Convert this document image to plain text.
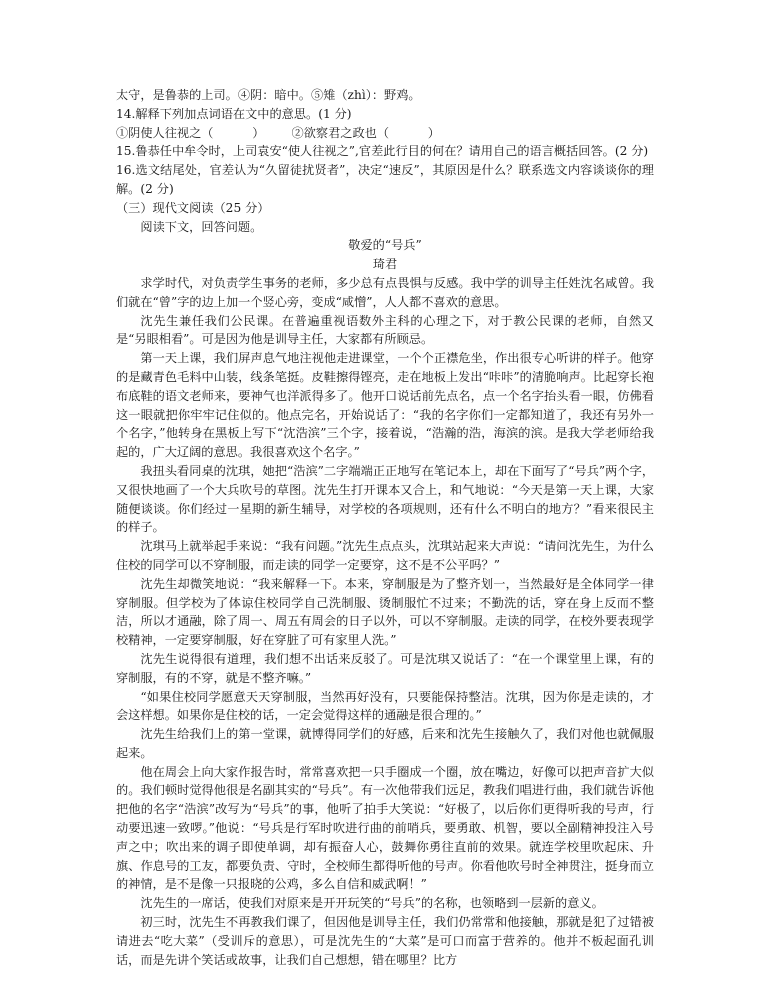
太守，是鲁恭的上司。④阴：暗中。⑤雉（zhì）：野鸡。

14.解释下列加点词语在文中的意思。(1 分)

①阴使人往视之（          ）       ②欲察君之政也（          ）

15.鲁恭任中牟令时，上司袁安“使人往视之”,官差此行目的何在？请用自己的语言概括回答。(2 分)

16.选文结尾处，官差认为“久留徒扰贤者”，决定“速反”，其原因是什么？联系选文内容谈谈你的理解。(2 分)

（三）现代文阅读（25 分）

阅读下文，回答问题。

敬爱的“号兵”

琦君

求学时代，对负责学生事务的老师，多少总有点畏惧与反感。我中学的训导主任姓沈名咸曾。我们就在“曾”字的边上加一个竖心旁，变成“咸憎”，人人都不喜欢的意思。

沈先生兼任我们公民课。在普遍重视语数外主科的心理之下，对于教公民课的老师，自然又是“另眼相看”。可是因为他是训导主任，大家都有所顾忌。

第一天上课，我们屏声息气地注视他走进课堂，一个个正襟危坐，作出很专心听讲的样子。他穿的是藏青色毛料中山装，线条笔挺。皮鞋擦得铿亮，走在地板上发出“咔咔”的清脆响声。比起穿长袍布底鞋的语文老师来，要神气也洋派得多了。他开口说话前先点名，点一个名字抬头看一眼，仿佛看这一眼就把你牢牢记住似的。他点完名，开始说话了：“我的名字你们一定都知道了，我还有另外一个名字，”他转身在黑板上写下“沈浩滨”三个字，接着说，“浩瀚的浩，海滨的滨。是我大学老师给我起的，广大辽阔的意思。我很喜欢这个名字。”

我扭头看同桌的沈琪，她把“浩滨”二字端端正正地写在笔记本上，却在下面写了“号兵”两个字，又很快地画了一个大兵吹号的草图。沈先生打开课本又合上，和气地说：“今天是第一天上课，大家随便谈谈。你们经过一星期的新生辅导，对学校的各项规则，还有什么不明白的地方？”看来很民主的样子。

沈琪马上就举起手来说：“我有问题。”沈先生点点头，沈琪站起来大声说：“请问沈先生，为什么住校的同学可以不穿制服，而走读的同学一定要穿，这不是不公平吗？”

沈先生却微笑地说：“我来解释一下。本来，穿制服是为了整齐划一，当然最好是全体同学一律穿制服。但学校为了体谅住校同学自己洗制服、烫制服忙不过来；不勤洗的话，穿在身上反而不整洁，所以才通融，除了周一、周五有周会的日子以外，可以不穿制服。走读的同学，在校外要表现学校精神，一定要穿制服，好在穿脏了可有家里人洗。”

沈先生说得很有道理，我们想不出话来反驳了。可是沈琪又说话了：“在一个课堂里上课，有的穿制服，有的不穿，就是不整齐嘛。”

“如果住校同学愿意天天穿制服，当然再好没有，只要能保持整洁。沈琪，因为你是走读的，才会这样想。如果你是住校的话，一定会觉得这样的通融是很合理的。”

沈先生给我们上的第一堂课，就博得同学们的好感，后来和沈先生接触久了，我们对他也就佩服起来。

他在周会上向大家作报告时，常常喜欢把一只手圈成一个圈，放在嘴边，好像可以把声音扩大似的。我们顿时觉得他很是名副其实的“号兵”。有一次他带我们远足，教我们唱进行曲，我们就告诉他把他的名字“浩滨”改写为“号兵”的事，他听了拍手大笑说：“好极了，以后你们更得听我的号声，行动要迅速一致啰。”他说：“号兵是行军时吹进行曲的前哨兵，要勇敢、机智，要以全副精神投注入号声之中；吹出来的调子即使单调，却有振奋人心，鼓舞你勇往直前的效果。就连学校里吹起床、升旗、作息号的工友，都要负责、守时，全校师生都得听他的号声。你看他吹号时全神贯注，挺身而立的神情，是不是像一只报晓的公鸡，多么自信和威武啊！”

沈先生的一席话，使我们对原来是开开玩笑的“号兵”的名称，也领略到一层新的意义。

初三时，沈先生不再教我们课了，但因他是训导主任，我们仍常常和他接触，那就是犯了过错被请进去“吃大菜”（受训斥的意思），可是沈先生的“大菜”是可口而富于营养的。他并不板起面孔训话，而是先讲个笑话或故事，让我们自己想想，错在哪里？比方
